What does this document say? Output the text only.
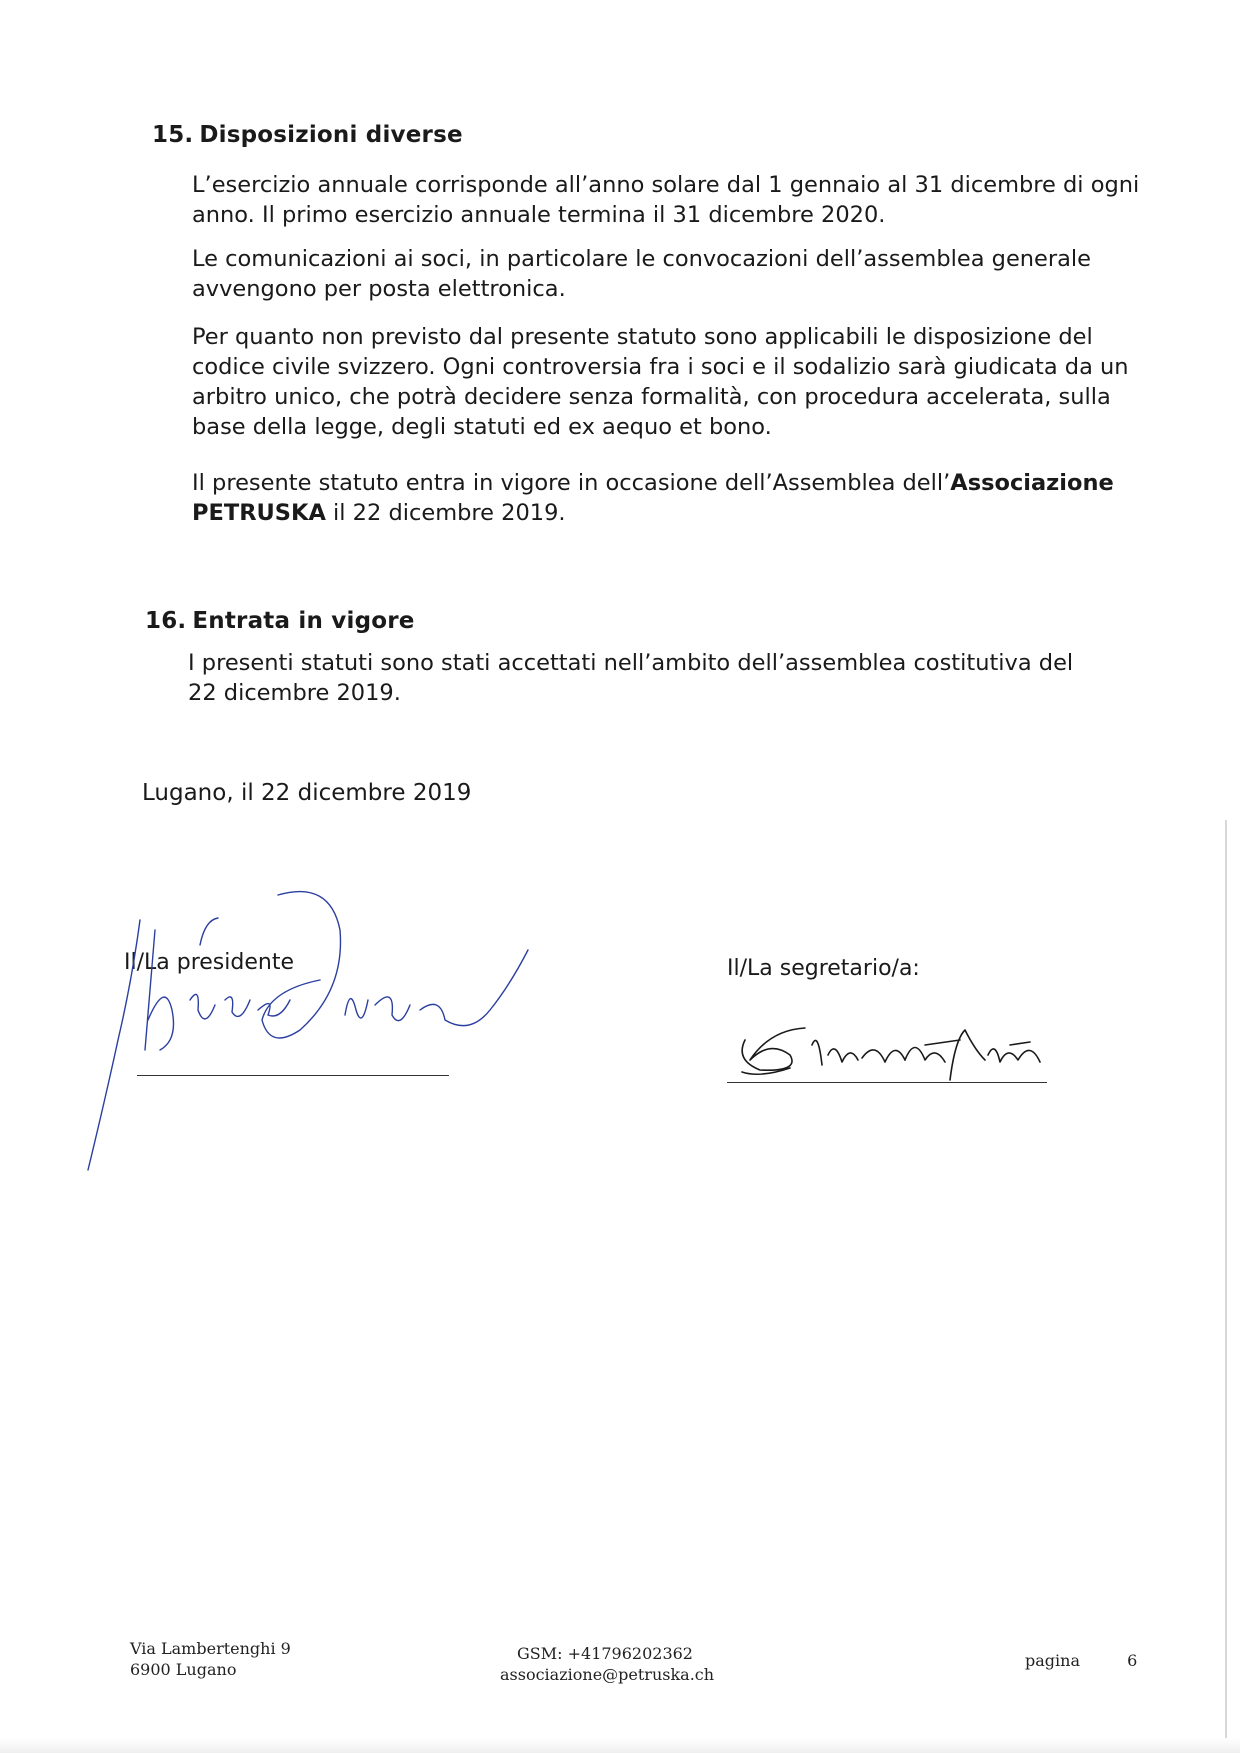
15. Disposizioni diverse
L’esercizio annuale corrisponde all’anno solare dal 1 gennaio al 31 dicembre di ogni
anno. Il primo esercizio annuale termina il 31 dicembre 2020.
Le comunicazioni ai soci, in particolare le convocazioni dell’assemblea generale
avvengono per posta elettronica.
Per quanto non previsto dal presente statuto sono applicabili le disposizione del
codice civile svizzero. Ogni controversia fra i soci e il sodalizio sarà giudicata da un
arbitro unico, che potrà decidere senza formalità, con procedura accelerata, sulla
base della legge, degli statuti ed ex aequo et bono.
Il presente statuto entra in vigore in occasione dell’Assemblea dell’Associazione
PETRUSKA il 22 dicembre 2019.
16. Entrata in vigore
I presenti statuti sono stati accettati nell’ambito dell’assemblea costitutiva del
22 dicembre 2019.
Lugano, il 22 dicembre 2019
Il/La presidente	Il/La segretario/a:
Via Lambertenghi 9
6900 Lugano
GSM: +41796202362
associazione@petruska.ch
pagina	6
